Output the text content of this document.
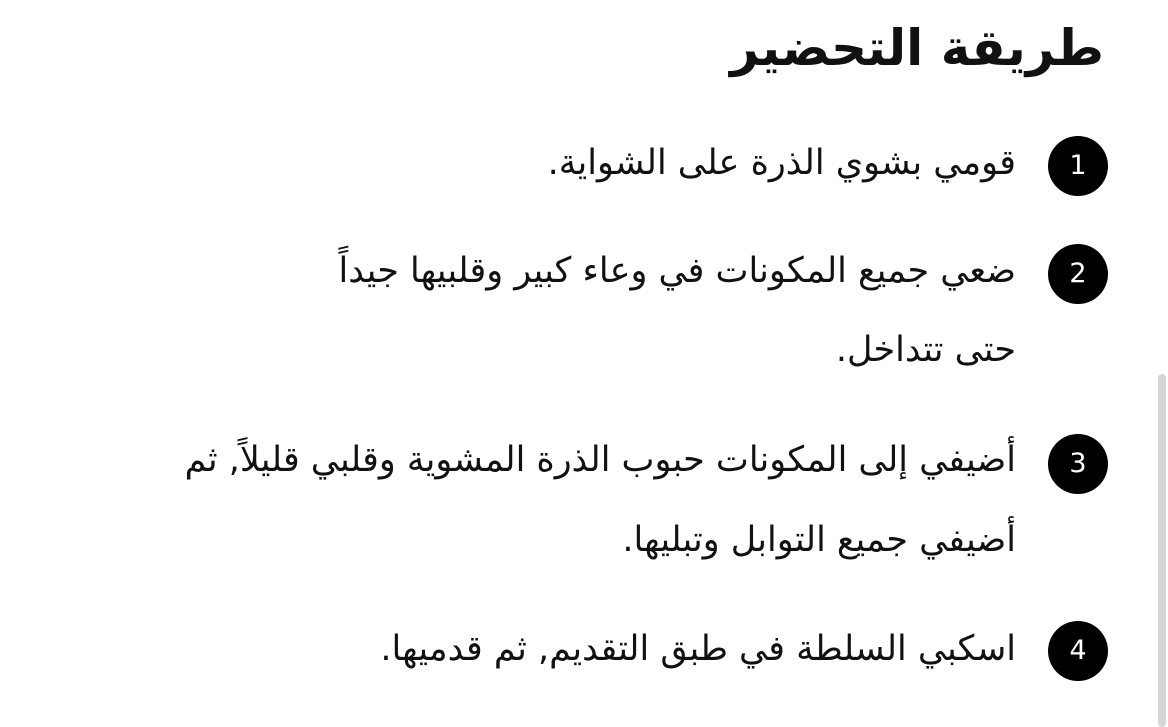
طريقة التحضير
1

قومي بشوي الذرة على الشواية.

2

ضعي جميع المكونات في وعاء كبير وقلبيها جيداً

حتى تتداخل.

3

أضيفي إلى المكونات حبوب الذرة المشوية وقلبي قليلاً, ثم

أضيفي جميع التوابل وتبليها.

4

اسكبي السلطة في طبق التقديم, ثم قدميها.
